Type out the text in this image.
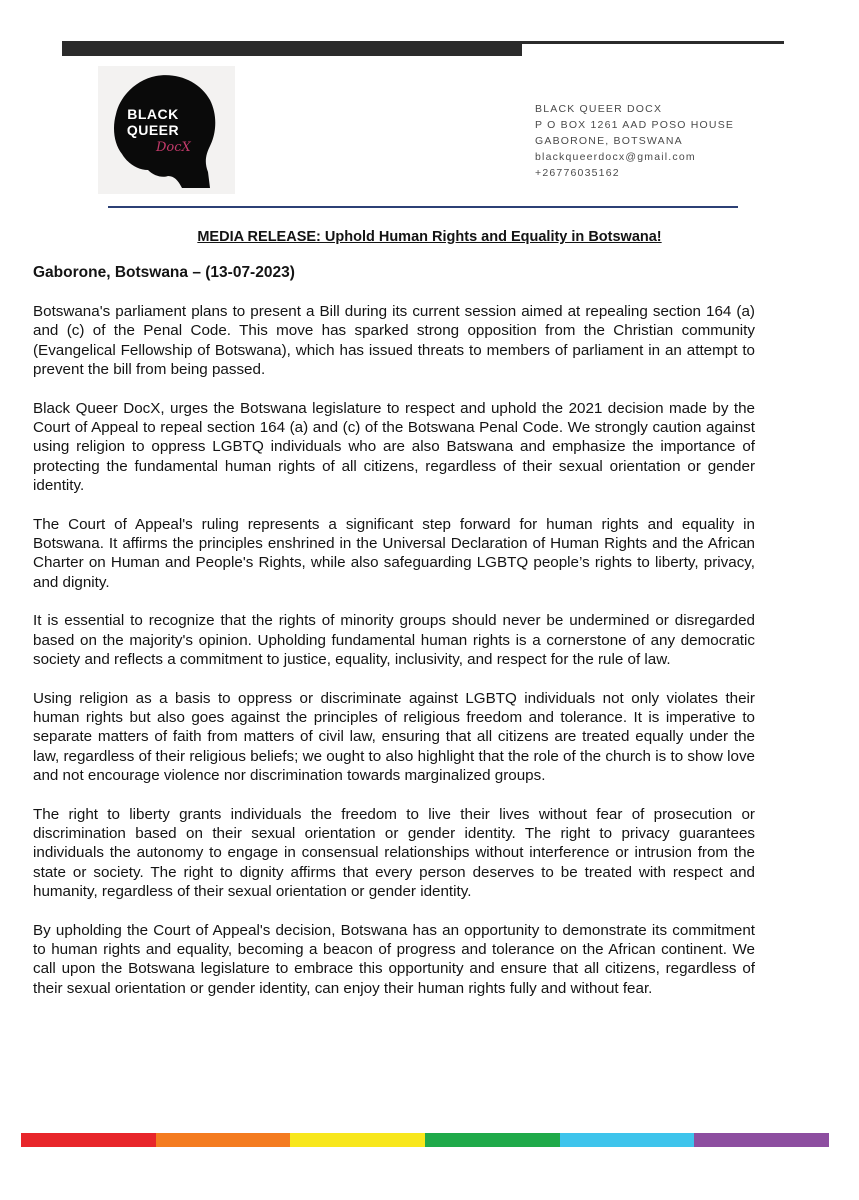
BLACK
QUEER
DocX
BLACK QUEER DOCX
P O BOX 1261 AAD POSO HOUSE
GABORONE, BOTSWANA
blackqueerdocx@gmail.com
+26776035162
MEDIA RELEASE: Uphold Human Rights and Equality in Botswana!
Gaborone, Botswana – (13-07-2023)

Botswana's parliament plans to present a Bill during its current session aimed at repealing section 164 (a) and (c) of the Penal Code. This move has sparked strong opposition from the Christian community (Evangelical Fellowship of Botswana), which has issued threats to members of parliament in an attempt to prevent the bill from being passed.

Black Queer DocX, urges the Botswana legislature to respect and uphold the 2021 decision made by the Court of Appeal to repeal section 164 (a) and (c) of the Botswana Penal Code. We strongly caution against using religion to oppress LGBTQ individuals who are also Batswana and emphasize the importance of protecting the fundamental human rights of all citizens, regardless of their sexual orientation or gender identity.

The Court of Appeal's ruling represents a significant step forward for human rights and equality in Botswana. It affirms the principles enshrined in the Universal Declaration of Human Rights and the African Charter on Human and People's Rights, while also safeguarding LGBTQ people’s rights to liberty, privacy, and dignity.

It is essential to recognize that the rights of minority groups should never be undermined or disregarded based on the majority's opinion. Upholding fundamental human rights is a cornerstone of any democratic society and reflects a commitment to justice, equality, inclusivity, and respect for the rule of law.

Using religion as a basis to oppress or discriminate against LGBTQ individuals not only violates their human rights but also goes against the principles of religious freedom and tolerance. It is imperative to separate matters of faith from matters of civil law, ensuring that all citizens are treated equally under the law, regardless of their religious beliefs; we ought to also highlight that the role of the church is to show love and not encourage violence nor discrimination towards marginalized groups.

The right to liberty grants individuals the freedom to live their lives without fear of prosecution or discrimination based on their sexual orientation or gender identity. The right to privacy guarantees individuals the autonomy to engage in consensual relationships without interference or intrusion from the state or society. The right to dignity affirms that every person deserves to be treated with respect and humanity, regardless of their sexual orientation or gender identity.

By upholding the Court of Appeal's decision, Botswana has an opportunity to demonstrate its commitment to human rights and equality, becoming a beacon of progress and tolerance on the African continent. We call upon the Botswana legislature to embrace this opportunity and ensure that all citizens, regardless of their sexual orientation or gender identity, can enjoy their human rights fully and without fear.
